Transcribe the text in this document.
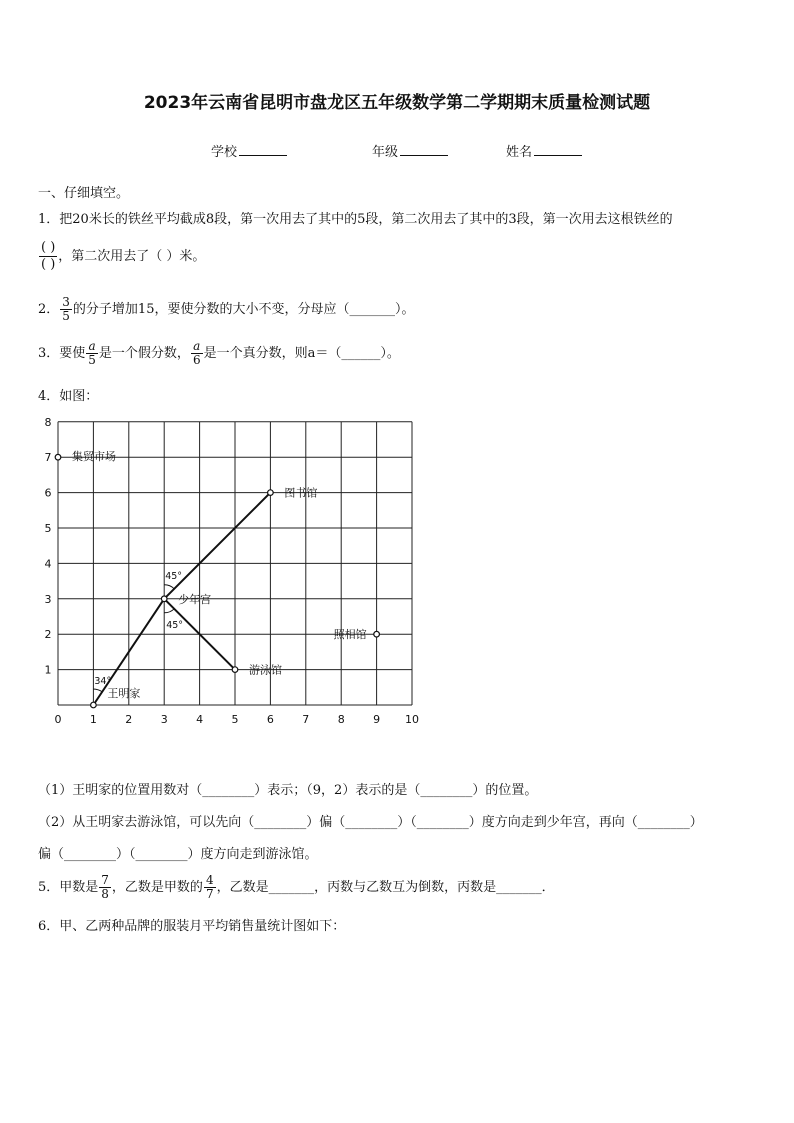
2023年云南省昆明市盘龙区五年级数学第二学期期末质量检测试题
学校	年级	姓名
一、仔细填空。
1．把20米长的铁丝平均截成8段，第一次用去了其中的5段，第二次用去了其中的3段，第一次用去这根铁丝的
$\frac{( )}{( )}$ ，第二次用去了（ ）米。
2． $\frac{3}{5}$ 的分子增加15，要使分数的大小不变，分母应（_______）。
3．要使 $\frac{a}{5}$ 是一个假分数， $\frac{a}{6}$ 是一个真分数，则a＝（______）。
4．如图：
0	1	2	3	4	5	6	7	8	9 10
1
2
3
4
5
6
7
8
集贸市场
图书馆
少年宫
照相馆
游泳馆
王明家
34°
45°
45°
（1）王明家的位置用数对（________）表示；（9，2）表示的是（________）的位置。
（2）从王明家去游泳馆，可以先向（________）偏（________）（________）度方向走到少年宫，再向（________）
偏（________）（________）度方向走到游泳馆。
5．甲数是 $\frac{7}{8}$ ，乙数是甲数的 $\frac{4}{7}$ ，乙数是_______，丙数与乙数互为倒数，丙数是_______．
6．甲、乙两种品牌的服装月平均销售量统计图如下：
